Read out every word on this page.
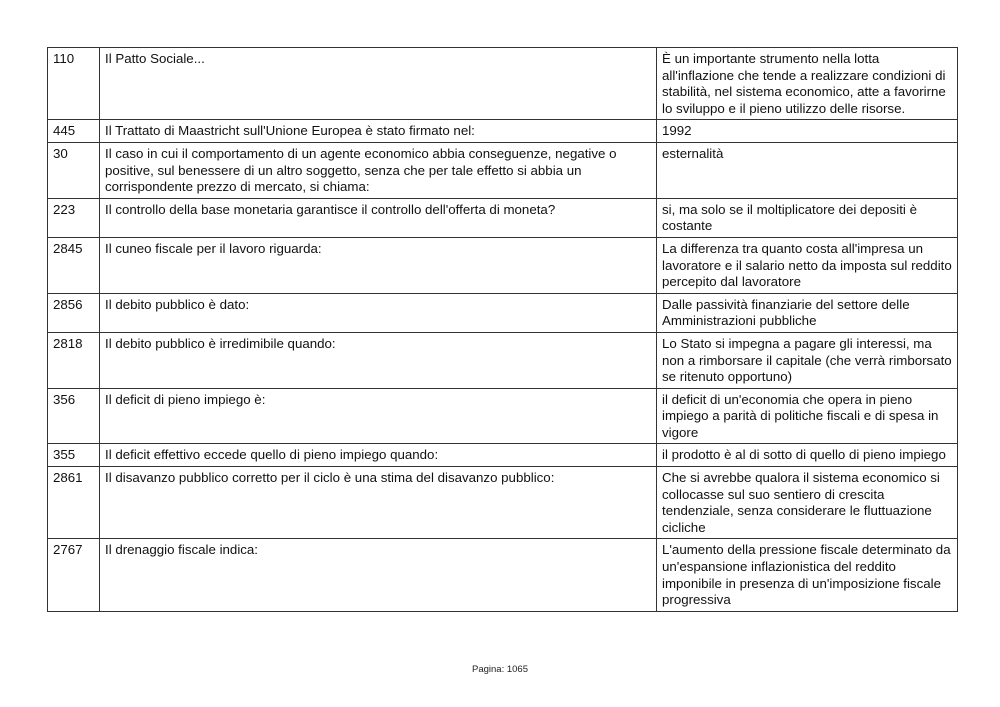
110	Il Patto Sociale...	È un importante strumento nella lotta all'inflazione che tende a realizzare condizioni di stabilità, nel sistema economico, atte a favorirne lo sviluppo e il pieno utilizzo delle risorse.
445	Il Trattato di Maastricht sull'Unione Europea è stato firmato nel:	1992
30	Il caso in cui il comportamento di un agente economico abbia conseguenze, negative o positive, sul benessere di un altro soggetto, senza che per tale effetto si abbia un corrispondente prezzo di mercato, si chiama:	esternalità
223	Il controllo della base monetaria garantisce il controllo dell'offerta di moneta?	si, ma solo se il moltiplicatore dei depositi è costante
2845	Il cuneo fiscale per il lavoro riguarda:	La differenza tra quanto costa all'impresa un lavoratore e il salario netto da imposta sul reddito percepito dal lavoratore
2856	Il debito pubblico è dato:	Dalle passività finanziarie del settore delle Amministrazioni pubbliche
2818	Il debito pubblico è irredimibile quando:	Lo Stato si impegna a pagare gli interessi, ma non a rimborsare il capitale (che verrà rimborsato se ritenuto opportuno)
356	Il deficit di pieno impiego è:	il deficit di un'economia che opera in pieno impiego a parità di politiche fiscali e di spesa in vigore
355	Il deficit effettivo eccede quello di pieno impiego quando:	il prodotto è al di sotto di quello di pieno impiego
2861	Il disavanzo pubblico corretto per il ciclo è una stima del disavanzo pubblico:	Che si avrebbe qualora il sistema economico si collocasse sul suo sentiero di crescita tendenziale, senza considerare le fluttuazione cicliche
2767	Il drenaggio fiscale indica:	L'aumento della pressione fiscale determinato da un'espansione inflazionistica del reddito imponibile in presenza di un'imposizione fiscale progressiva
Pagina: 1065
